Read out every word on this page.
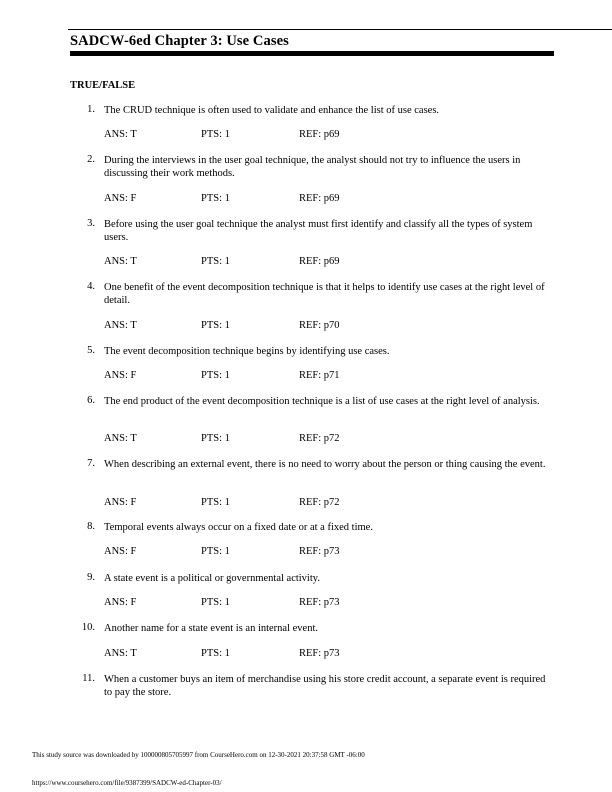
SADCW-6ed Chapter 3: Use Cases
TRUE/FALSE
1. The CRUD technique is often used to validate and enhance the list of use cases.
ANS: T	PTS: 1	REF: p69
2. During the interviews in the user goal technique, the analyst should not try to influence the users in discussing their work methods.
ANS: F	PTS: 1	REF: p69
3. Before using the user goal technique the analyst must first identify and classify all the types of system users.
ANS: T	PTS: 1	REF: p69
4. One benefit of the event decomposition technique is that it helps to identify use cases at the right level of detail.
ANS: T	PTS: 1	REF: p70
5. The event decomposition technique begins by identifying use cases.
ANS: F	PTS: 1	REF: p71
6. The end product of the event decomposition technique is a list of use cases at the right level of analysis.
ANS: T	PTS: 1	REF: p72
7. When describing an external event, there is no need to worry about the person or thing causing the event.
ANS: F	PTS: 1	REF: p72
8. Temporal events always occur on a fixed date or at a fixed time.
ANS: F	PTS: 1	REF: p73
9. A state event is a political or governmental activity.
ANS: F	PTS: 1	REF: p73
10. Another name for a state event is an internal event.
ANS: T	PTS: 1	REF: p73
11. When a customer buys an item of merchandise using his store credit account, a separate event is required to pay the store.
This study source was downloaded by 100000805705997 from CourseHero.com on 12-30-2021 20:37:58 GMT -06:00
https://www.coursehero.com/file/9387399/SADCW-ed-Chapter-03/
